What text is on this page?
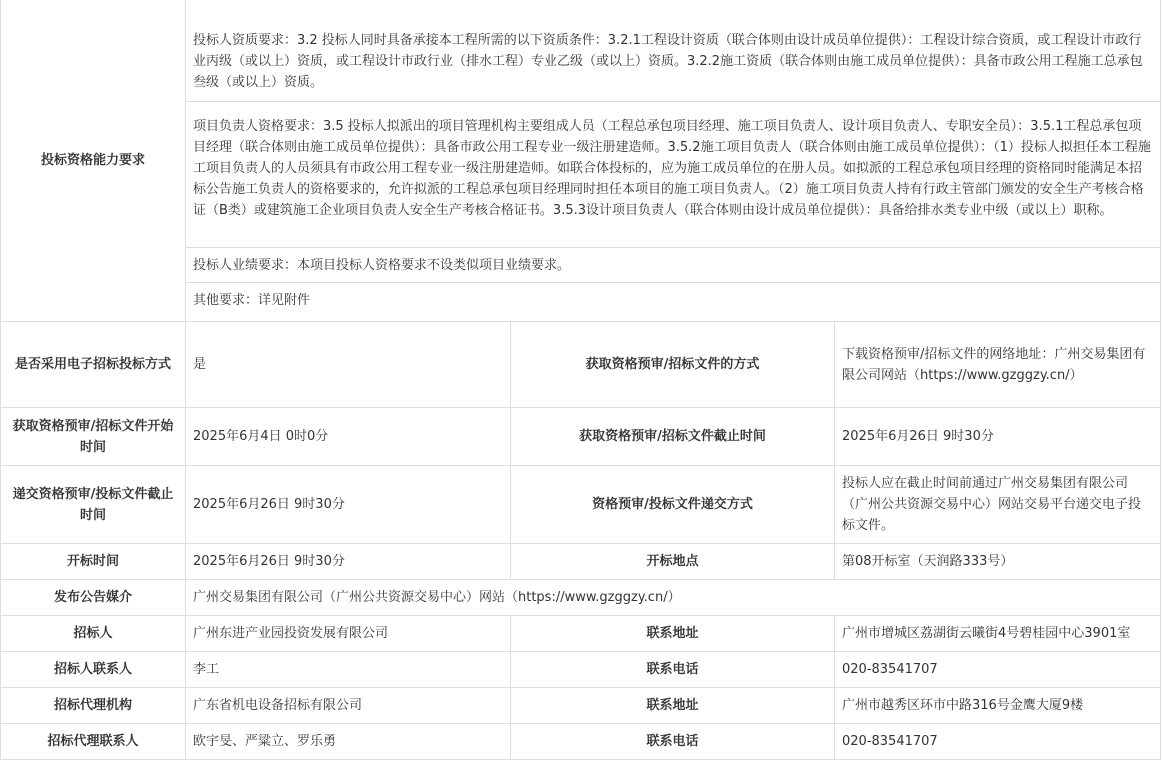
投标资格能力要求	投标人资质要求：3.2 投标人同时具备承接本工程所需的以下资质条件：3.2.1工程设计资质（联合体则由设计成员单位提供）：工程设计综合资质，或工程设计市政行业丙级（或以上）资质，或工程设计市政行业（排水工程）专业乙级（或以上）资质。3.2.2施工资质（联合体则由施工成员单位提供）：具备市政公用工程施工总承包叁级（或以上）资质。

项目负责人资格要求：3.5 投标人拟派出的项目管理机构主要组成人员（工程总承包项目经理、施工项目负责人、设计项目负责人、专职安全员）：3.5.1工程总承包项目经理（联合体则由施工成员单位提供）：具备市政公用工程专业一级注册建造师。3.5.2施工项目负责人（联合体则由施工成员单位提供）：（1）投标人拟担任本工程施工项目负责人的人员须具有市政公用工程专业一级注册建造师。如联合体投标的，应为施工成员单位的在册人员。如拟派的工程总承包项目经理的资格同时能满足本招标公告施工负责人的资格要求的，允许拟派的工程总承包项目经理同时担任本项目的施工项目负责人。（2）施工项目负责人持有行政主管部门颁发的安全生产考核合格证（B类）或建筑施工企业项目负责人安全生产考核合格证书。3.5.3设计项目负责人（联合体则由设计成员单位提供）：具备给排水类专业中级（或以上）职称。

投标人业绩要求：本项目投标人资格要求不设类似项目业绩要求。

其他要求：详见附件		

是否采用电子招标投标方式	是	获取资格预审/招标文件的方式	下载资格预审/招标文件的网络地址：广州交易集团有限公司网站（https://www.gzggzy.cn/）
获取资格预审/招标文件开始时间	2025年6月4日 0时0分	获取资格预审/招标文件截止时间	2025年6月26日 9时30分
递交资格预审/投标文件截止时间	2025年6月26日 9时30分	资格预审/投标文件递交方式	投标人应在截止时间前通过广州交易集团有限公司（广州公共资源交易中心）网站交易平台递交电子投标文件。
开标时间	2025年6月26日 9时30分	开标地点	第08开标室（天润路333号）
发布公告媒介	广州交易集团有限公司（广州公共资源交易中心）网站（https://www.gzggzy.cn/）		
招标人	广州东进产业园投资发展有限公司	联系地址	广州市增城区荔湖街云曦街4号碧桂园中心3901室
招标人联系人	李工	联系电话	020-83541707
招标代理机构	广东省机电设备招标有限公司	联系地址	广州市越秀区环市中路316号金鹰大厦9楼
招标代理联系人	欧宇旻、严粱立、罗乐勇	联系电话	020-83541707
